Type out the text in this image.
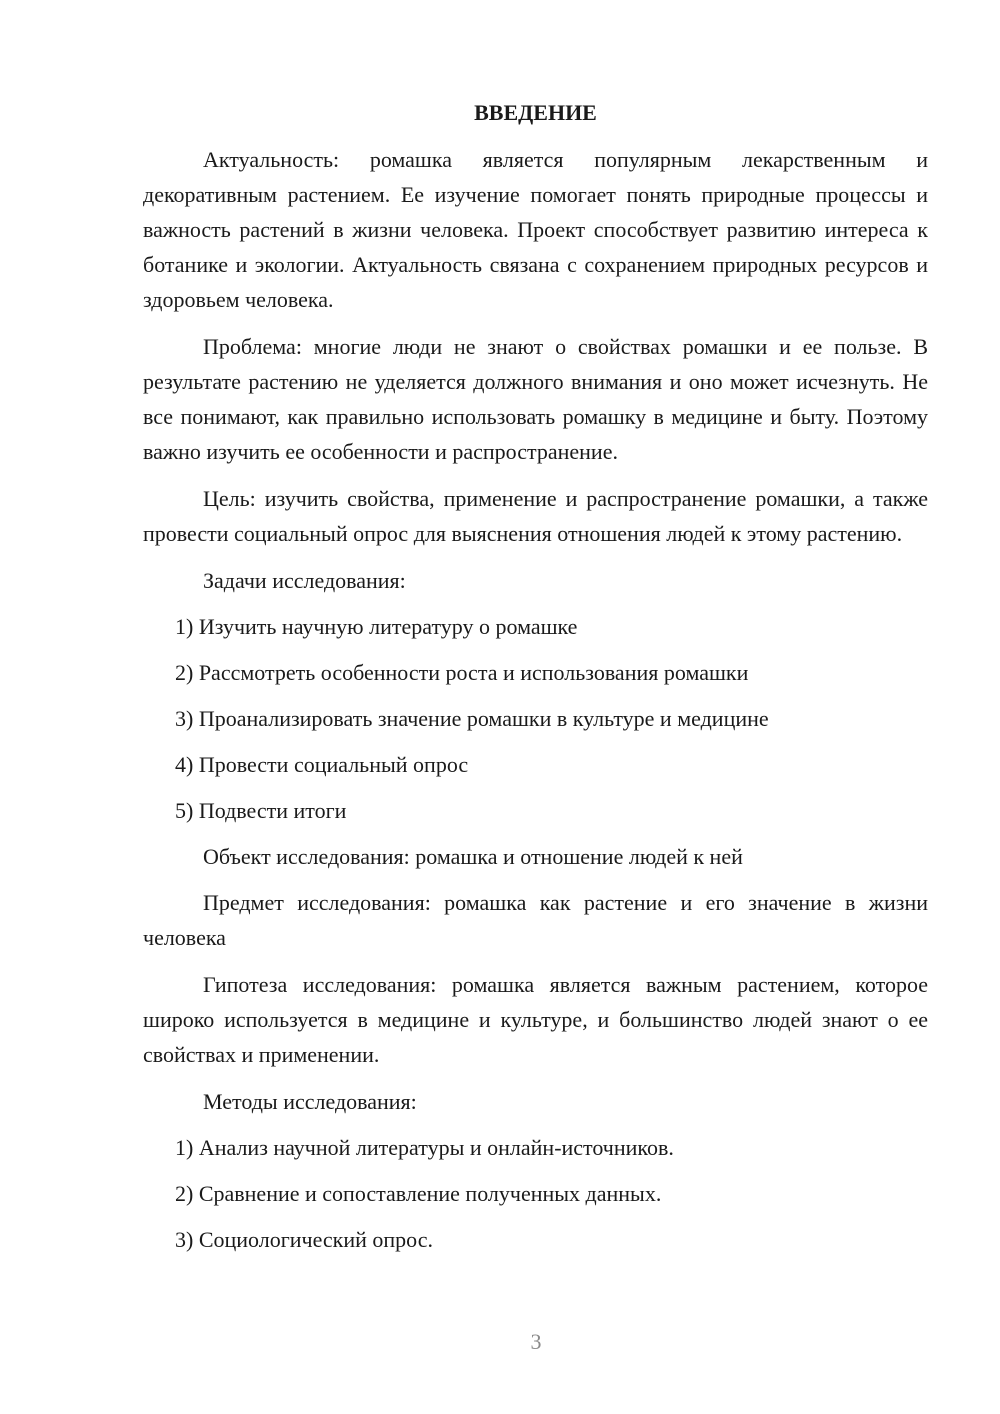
ВВЕДЕНИЕ

Актуальность: ромашка является популярным лекарственным и декоративным растением. Ее изучение помогает понять природные процессы и важность растений в жизни человека. Проект способствует развитию интереса к ботанике и экологии. Актуальность связана с сохранением природных ресурсов и здоровьем человека.

Проблема: многие люди не знают о свойствах ромашки и ее пользе. В результате растению не уделяется должного внимания и оно может исчезнуть. Не все понимают, как правильно использовать ромашку в медицине и быту. Поэтому важно изучить ее особенности и распространение.

Цель: изучить свойства, применение и распространение ромашки, а также провести социальный опрос для выяснения отношения людей к этому растению.

Задачи исследования:

1) Изучить научную литературу о ромашке
2) Рассмотреть особенности роста и использования ромашки
3) Проанализировать значение ромашки в культуре и медицине
4) Провести социальный опрос
5) Подвести итоги

Объект исследования: ромашка и отношение людей к ней

Предмет исследования: ромашка как растение и его значение в жизни человека

Гипотеза исследования: ромашка является важным растением, которое широко используется в медицине и культуре, и большинство людей знают о ее свойствах и применении.

Методы исследования:

1) Анализ научной литературы и онлайн-источников.
2) Сравнение и сопоставление полученных данных.
3) Социологический опрос.
3
